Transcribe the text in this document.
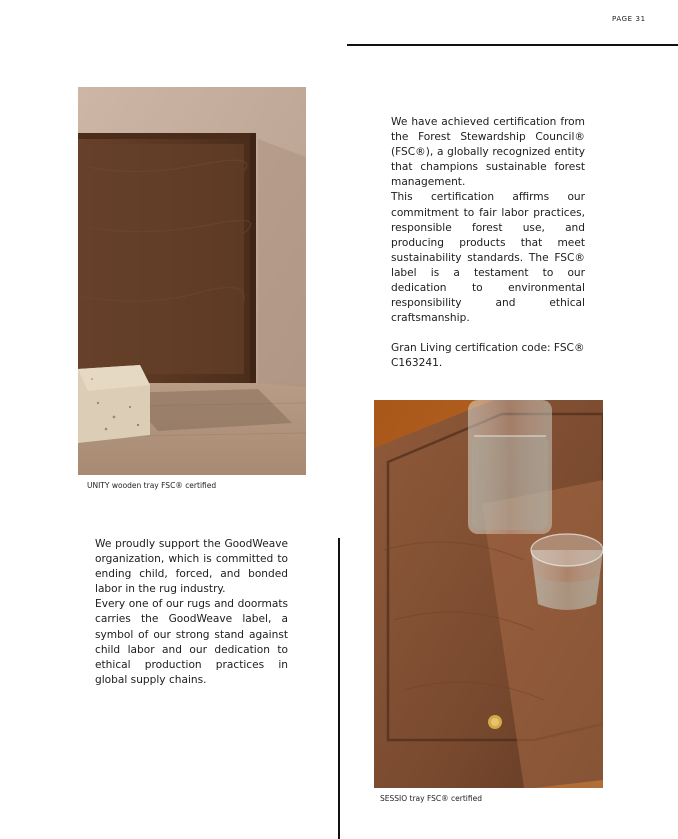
PAGE 31
UNITY wooden tray FSC® certified

We have achieved certification from the Forest Stewardship Council® (FSC®), a globally recognized entity that champions sustainable forest management.

This certification affirms our commitment to fair labor practices, responsible forest use, and producing products that meet sustainability standards. The FSC® label is a testament to our dedication to environmental responsibility and ethical craftsmanship.

Gran Living certification code: FSC® C163241.

SESSIO tray FSC® certified

We proudly support the GoodWeave organization, which is committed to ending child, forced, and bonded labor in the rug industry.

Every one of our rugs and doormats carries the GoodWeave label, a symbol of our strong stand against child labor and our dedication to ethical production practices in global supply chains.
